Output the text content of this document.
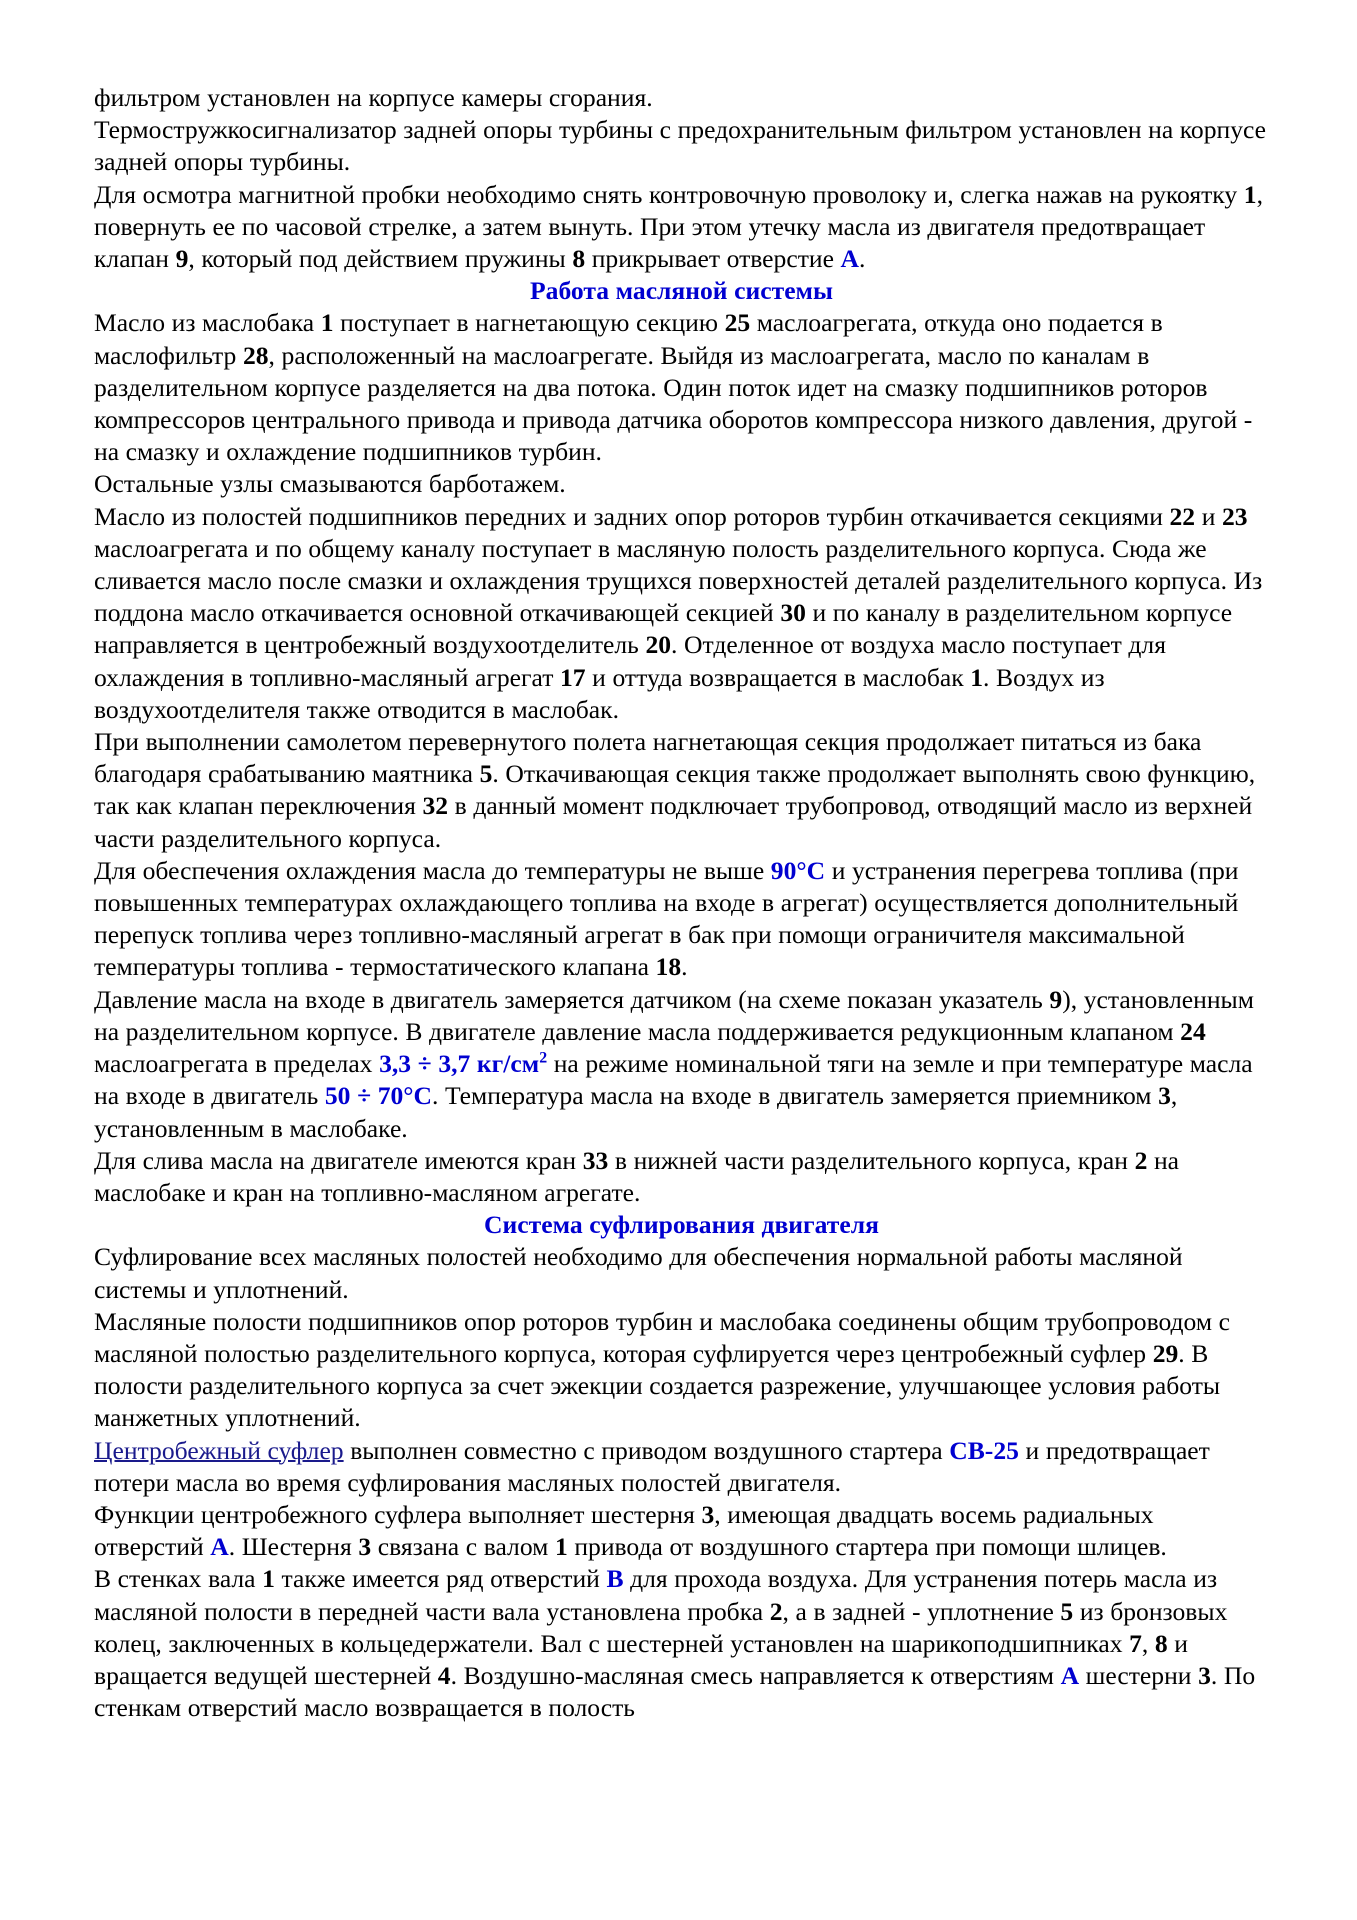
фильтром установлен на корпусе камеры сгорания.

Термостружкосигнализатор задней опоры турбины с предохранительным фильтром установлен на корпусе задней опоры турбины.

Для осмотра магнитной пробки необходимо снять контровочную проволоку и, слегка нажав на рукоятку 1, повернуть ее по часовой стрелке, а затем вынуть. При этом утечку масла из двигателя предотвращает клапан 9, который под действием пружины 8 прикрывает отверстие А.

Работа масляной системы

Масло из маслобака 1 поступает в нагнетающую секцию 25 маслоагрегата, откуда оно подается в маслофильтр 28, расположенный на маслоагрегате. Выйдя из маслоагрегата, масло по каналам в разделительном корпусе разделяется на два потока. Один поток идет на смазку подшипников роторов компрессоров центрального привода и привода датчика оборотов компрессора низкого давления, другой - на смазку и охлаждение подшипников турбин.

Остальные узлы смазываются барботажем.

Масло из полостей подшипников передних и задних опор роторов турбин откачивается секциями 22 и 23 маслоагрегата и по общему каналу поступает в масляную полость разделительного корпуса. Сюда же сливается масло после смазки и охлаждения трущихся поверхностей деталей разделительного корпуса. Из поддона масло откачивается основной откачивающей секцией 30 и по каналу в разделительном корпусе направляется в центробежный воздухоотделитель 20. Отделенное от воздуха масло поступает для охлаждения в топливно-масляный агрегат 17 и оттуда возвращается в маслобак 1. Воздух из воздухоотделителя также отводится в маслобак.

При выполнении самолетом перевернутого полета нагнетающая секция продолжает питаться из бака благодаря срабатыванию маятника 5. Откачивающая секция также продолжает выполнять свою функцию, так как клапан переключения 32 в данный момент подключает трубопровод, отводящий масло из верхней части разделительного корпуса.

Для обеспечения охлаждения масла до температуры не выше 90°C и устранения перегрева топлива (при повышенных температурах охлаждающего топлива на входе в агрегат) осуществляется дополнительный перепуск топлива через топливно-масляный агрегат в бак при помощи ограничителя максимальной температуры топлива - термостатического клапана 18.

Давление масла на входе в двигатель замеряется датчиком (на схеме показан указатель 9), установленным на разделительном корпусе. В двигателе давление масла поддерживается редукционным клапаном 24 маслоагрегата в пределах 3,3 ÷ 3,7 $кг/см^2$ на режиме номинальной тяги на земле и при температуре масла на входе в двигатель 50 ÷ 70°C. Температура масла на входе в двигатель замеряется приемником 3, установленным в маслобаке.

Для слива масла на двигателе имеются кран 33 в нижней части разделительного корпуса, кран 2 на маслобаке и кран на топливно-масляном агрегате.

Система суфлирования двигателя

Суфлирование всех масляных полостей необходимо для обеспечения нормальной работы масляной системы и уплотнений.

Масляные полости подшипников опор роторов турбин и маслобака соединены общим трубопроводом с масляной полостью разделительного корпуса, которая суфлируется через центробежный суфлер 29. В полости разделительного корпуса за счет эжекции создается разрежение, улучшающее условия работы манжетных уплотнений.

Центробежный суфлер выполнен совместно с приводом воздушного стартера СВ-25 и предотвращает потери масла во время суфлирования масляных полостей двигателя.

Функции центробежного суфлера выполняет шестерня 3, имеющая двадцать восемь радиальных отверстий А. Шестерня 3 связана с валом 1 привода от воздушного стартера при помощи шлицев.

В стенках вала 1 также имеется ряд отверстий В для прохода воздуха. Для устранения потерь масла из масляной полости в передней части вала установлена пробка 2, а в задней - уплотнение 5 из бронзовых колец, заключенных в кольцедержатели. Вал с шестерней установлен на шарикоподшипниках 7, 8 и вращается ведущей шестерней 4. Воздушно-масляная смесь направляется к отверстиям А шестерни 3. По стенкам отверстий масло возвращается в полость
